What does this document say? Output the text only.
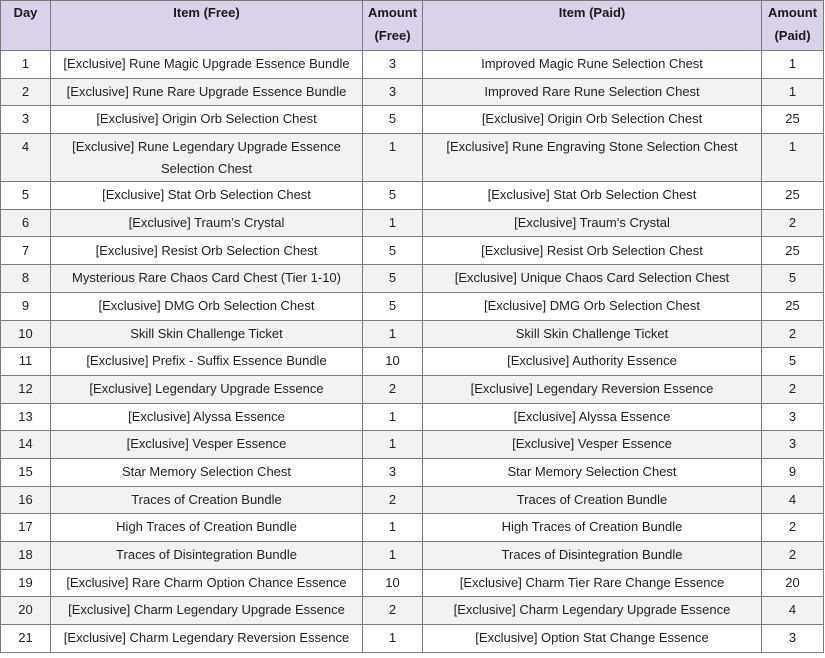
Day	Item (Free)	Amount (Free)	Item (Paid)	Amount (Paid)
1	[Exclusive] Rune Magic Upgrade Essence Bundle	3	Improved Magic Rune Selection Chest	1
2	[Exclusive] Rune Rare Upgrade Essence Bundle	3	Improved Rare Rune Selection Chest	1
3	[Exclusive] Origin Orb Selection Chest	5	[Exclusive] Origin Orb Selection Chest	25
4	[Exclusive] Rune Legendary Upgrade Essence Selection Chest	1	[Exclusive] Rune Engraving Stone Selection Chest	1
5	[Exclusive] Stat Orb Selection Chest	5	[Exclusive] Stat Orb Selection Chest	25
6	[Exclusive] Traum’s Crystal	1	[Exclusive] Traum’s Crystal	2
7	[Exclusive] Resist Orb Selection Chest	5	[Exclusive] Resist Orb Selection Chest	25
8	Mysterious Rare Chaos Card Chest (Tier 1-10)	5	[Exclusive] Unique Chaos Card Selection Chest	5
9	[Exclusive] DMG Orb Selection Chest	5	[Exclusive] DMG Orb Selection Chest	25
10	Skill Skin Challenge Ticket	1	Skill Skin Challenge Ticket	2
11	[Exclusive] Prefix - Suffix Essence Bundle	10	[Exclusive] Authority Essence	5
12	[Exclusive] Legendary Upgrade Essence	2	[Exclusive] Legendary Reversion Essence	2
13	[Exclusive] Alyssa Essence	1	[Exclusive] Alyssa Essence	3
14	[Exclusive] Vesper Essence	1	[Exclusive] Vesper Essence	3
15	Star Memory Selection Chest	3	Star Memory Selection Chest	9
16	Traces of Creation Bundle	2	Traces of Creation Bundle	4
17	High Traces of Creation Bundle	1	High Traces of Creation Bundle	2
18	Traces of Disintegration Bundle	1	Traces of Disintegration Bundle	2
19	[Exclusive] Rare Charm Option Chance Essence	10	[Exclusive] Charm Tier Rare Change Essence	20
20	[Exclusive] Charm Legendary Upgrade Essence	2	[Exclusive] Charm Legendary Upgrade Essence	4
21	[Exclusive] Charm Legendary Reversion Essence	1	[Exclusive] Option Stat Change Essence	3
